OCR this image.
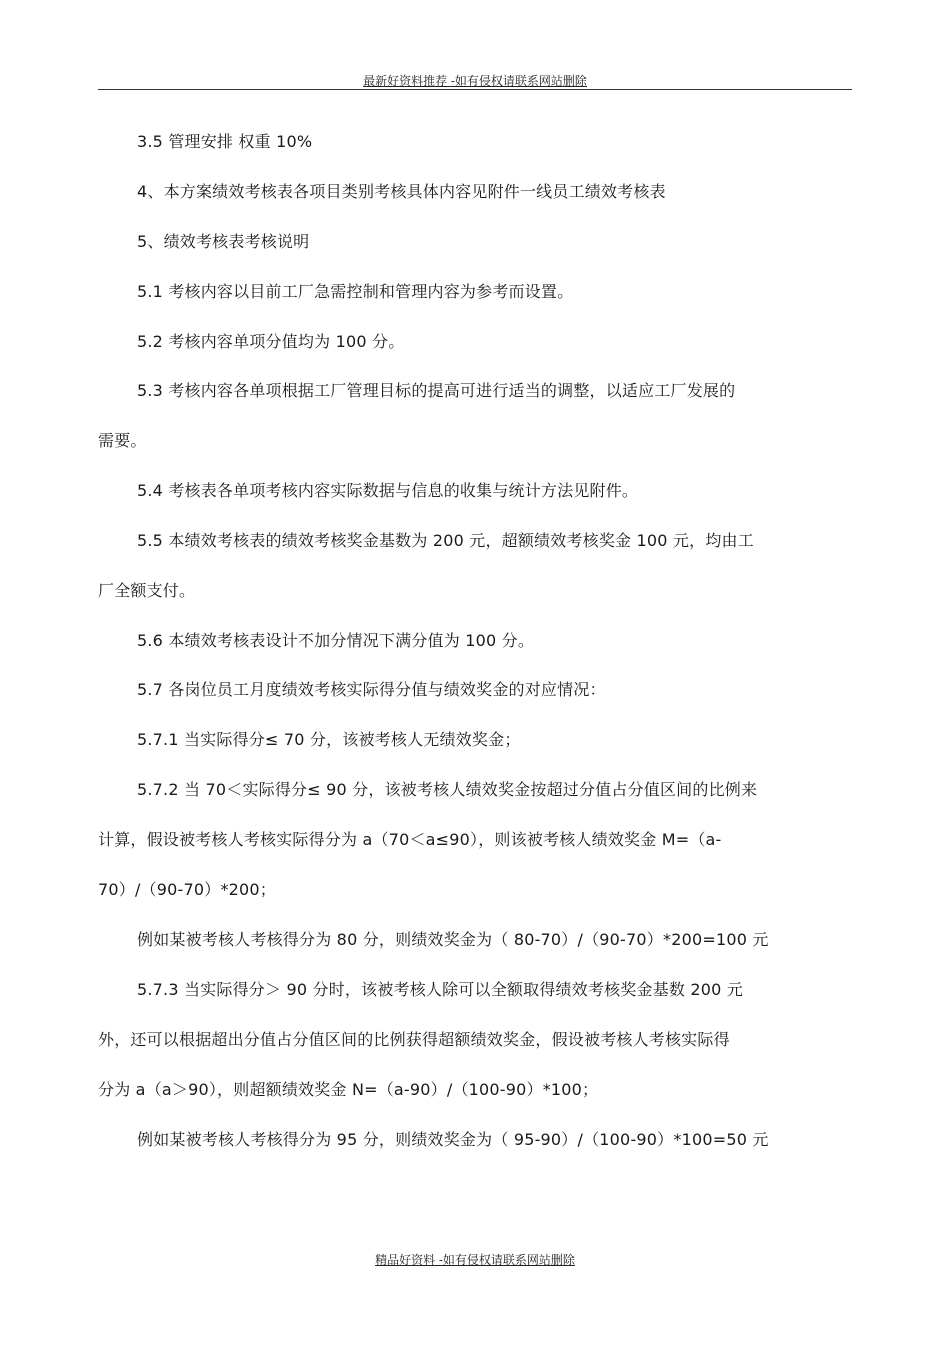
最新好资料推荐 -如有侵权请联系网站删除
3.5 管理安排 权重 10%
4、本方案绩效考核表各项目类别考核具体内容见附件一线员工绩效考核表
5、绩效考核表考核说明
5.1 考核内容以目前工厂急需控制和管理内容为参考而设置。
5.2 考核内容单项分值均为 100 分。
5.3 考核内容各单项根据工厂管理目标的提高可进行适当的调整，以适应工厂发展的
需要。
5.4 考核表各单项考核内容实际数据与信息的收集与统计方法见附件。
5.5 本绩效考核表的绩效考核奖金基数为 200 元，超额绩效考核奖金 100 元，均由工
厂全额支付。
5.6 本绩效考核表设计不加分情况下满分值为 100 分。
5.7 各岗位员工月度绩效考核实际得分值与绩效奖金的对应情况：
5.7.1 当实际得分≤ 70 分，该被考核人无绩效奖金；
5.7.2 当 70＜实际得分≤ 90 分，该被考核人绩效奖金按超过分值占分值区间的比例来
计算，假设被考核人考核实际得分为 a（70＜a≤90），则该被考核人绩效奖金 M=（a-
70）/（90-70）*200；
例如某被考核人考核得分为 80 分，则绩效奖金为（ 80-70）/（90-70）*200=100 元
5.7.3 当实际得分＞ 90 分时，该被考核人除可以全额取得绩效考核奖金基数 200 元
外，还可以根据超出分值占分值区间的比例获得超额绩效奖金，假设被考核人考核实际得
分为 a（a＞90），则超额绩效奖金 N=（a-90）/（100-90）*100；
例如某被考核人考核得分为 95 分，则绩效奖金为（ 95-90）/（100-90）*100=50 元
精品好资料 -如有侵权请联系网站删除
